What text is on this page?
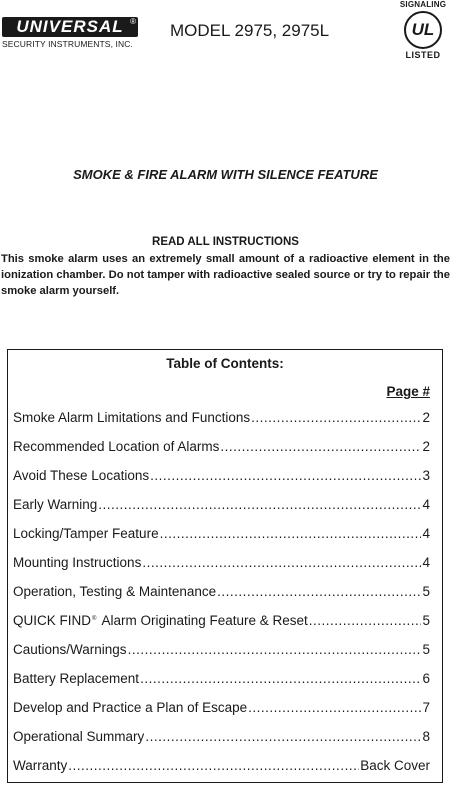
UNIVERSAL ®
SECURITY INSTRUMENTS, INC.
MODEL 2975, 2975L
SIGNALING
UL
LISTED
SMOKE & FIRE ALARM WITH SILENCE FEATURE
READ ALL INSTRUCTIONS
This smoke alarm uses an extremely small amount of a radioactive element in the ionization chamber. Do not tamper with radioactive sealed source or try to repair the smoke alarm yourself.
Table of Contents:
Page #
Smoke Alarm Limitations and Functions .....	2
Recommended Location of Alarms .....	2
Avoid These Locations .....	3
Early Warning .....	4
Locking/Tamper Feature .....	4
Mounting Instructions .....	4
Operation, Testing & Maintenance .....	5
QUICK FIND® Alarm Originating Feature & Reset .....	5
Cautions/Warnings .....	5
Battery Replacement .....	6
Develop and Practice a Plan of Escape .....	7
Operational Summary .....	8
Warranty .....	Back Cover
